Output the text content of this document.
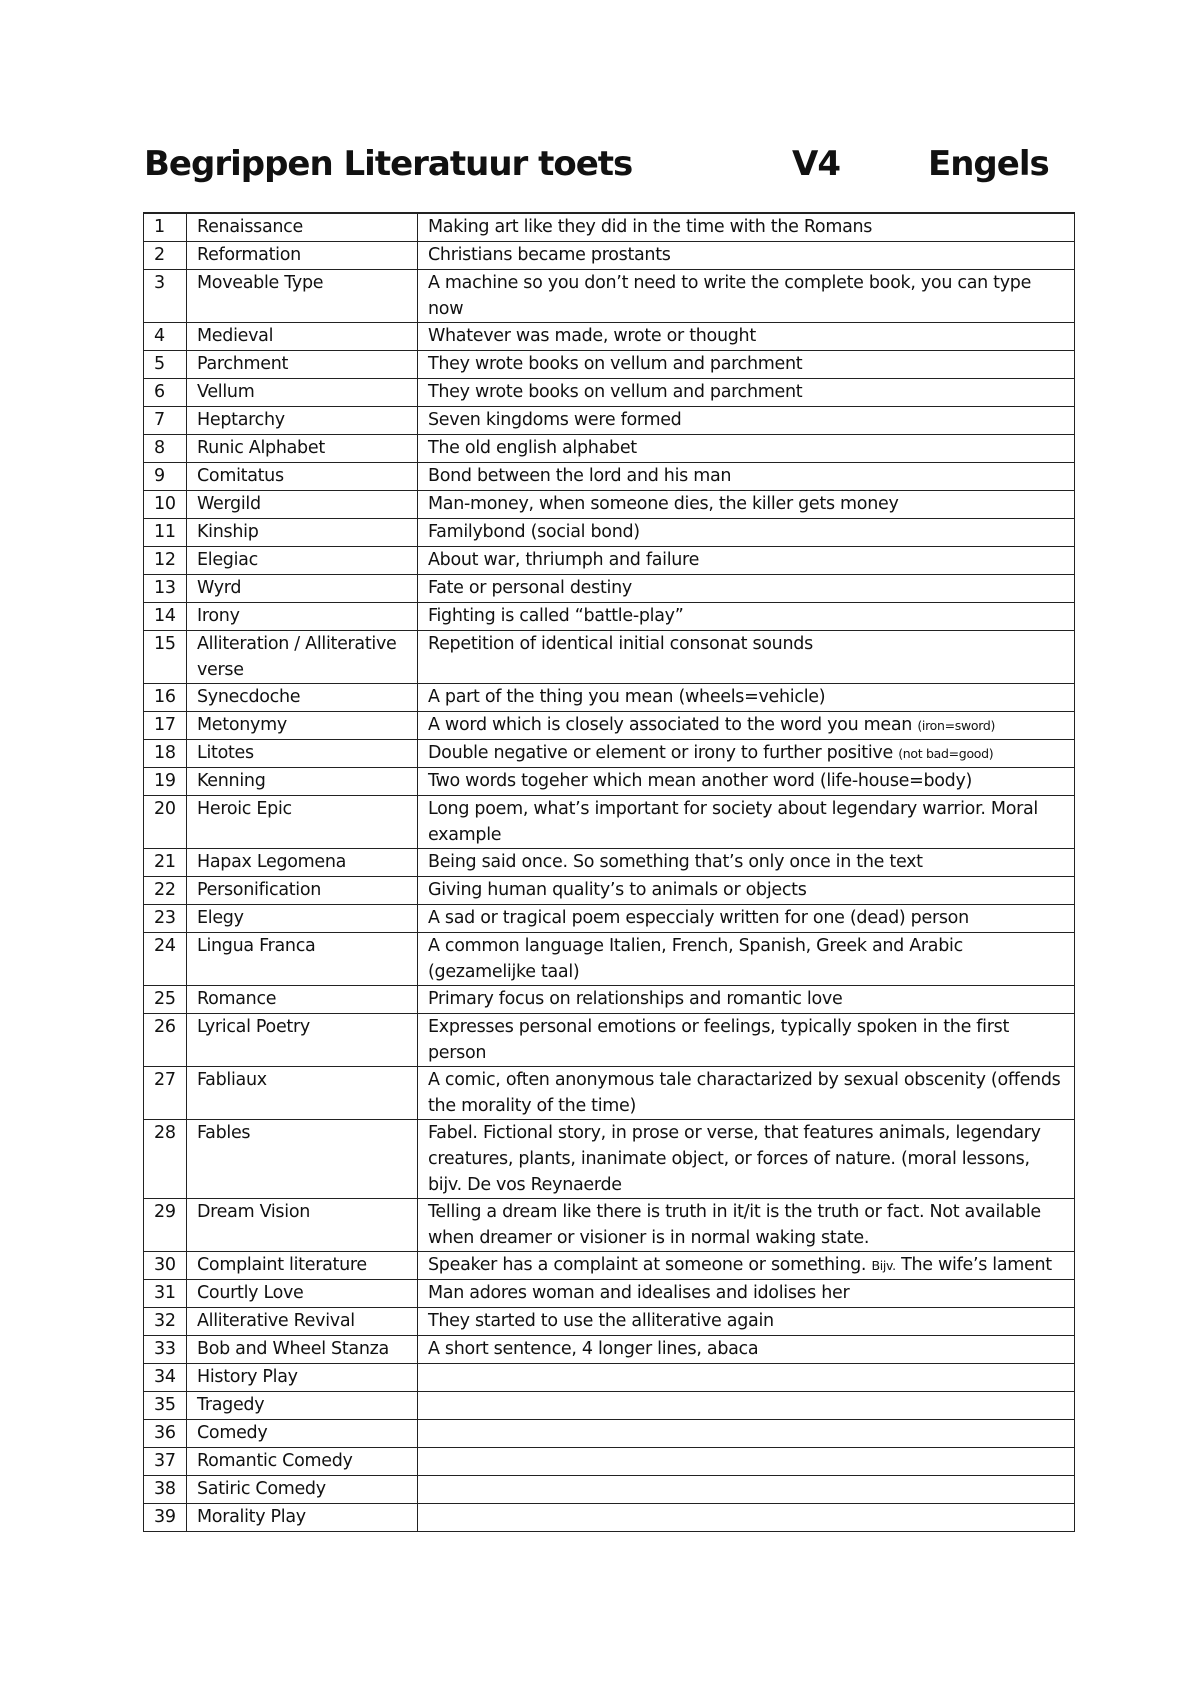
Begrippen Literatuur toets	V4	Engels
1	Renaissance	Making art like they did in the time with the Romans
2	Reformation	Christians became prostants
3	Moveable Type	A machine so you don’t need to write the complete book, you can type now
4	Medieval	Whatever was made, wrote or thought
5	Parchment	They wrote books on vellum and parchment
6	Vellum	They wrote books on vellum and parchment
7	Heptarchy	Seven kingdoms were formed
8	Runic Alphabet	The old english alphabet
9	Comitatus	Bond between the lord and his man
10	Wergild	Man-money, when someone dies, the killer gets money
11	Kinship	Familybond (social bond)
12	Elegiac	About war, thriumph and failure
13	Wyrd	Fate or personal destiny
14	Irony	Fighting is called “battle-play”
15	Alliteration / Alliterative verse	Repetition of identical initial consonat sounds
16	Synecdoche	A part of the thing you mean (wheels=vehicle)
17	Metonymy	A word which is closely associated to the word you mean (iron=sword)
18	Litotes	Double negative or element or irony to further positive (not bad=good)
19	Kenning	Two words togeher which mean another word (life-house=body)
20	Heroic Epic	Long poem, what’s important for society about legendary warrior. Moral example
21	Hapax Legomena	Being said once. So something that’s only once in the text
22	Personification	Giving human quality’s to animals or objects
23	Elegy	A sad or tragical poem especcialy written for one (dead) person
24	Lingua Franca	A common language Italien, French, Spanish, Greek and Arabic (gezamelijke taal)
25	Romance	Primary focus on relationships and romantic love
26	Lyrical Poetry	Expresses personal emotions or feelings, typically spoken in the first person
27	Fabliaux	A comic, often anonymous tale charactarized by sexual obscenity (offends the morality of the time)
28	Fables	Fabel. Fictional story, in prose or verse, that features animals, legendary creatures, plants, inanimate object, or forces of nature. (moral lessons, bijv. De vos Reynaerde
29	Dream Vision	Telling a dream like there is truth in it/it is the truth or fact. Not available when dreamer or visioner is in normal waking state.
30	Complaint literature	Speaker has a complaint at someone or something. Bijv. The wife’s lament
31	Courtly Love	Man adores woman and idealises and idolises her
32	Alliterative Revival	They started to use the alliterative again
33	Bob and Wheel Stanza	A short sentence, 4 longer lines, abaca
34	History Play	
35	Tragedy	
36	Comedy	
37	Romantic Comedy	
38	Satiric Comedy	
39	Morality Play	
